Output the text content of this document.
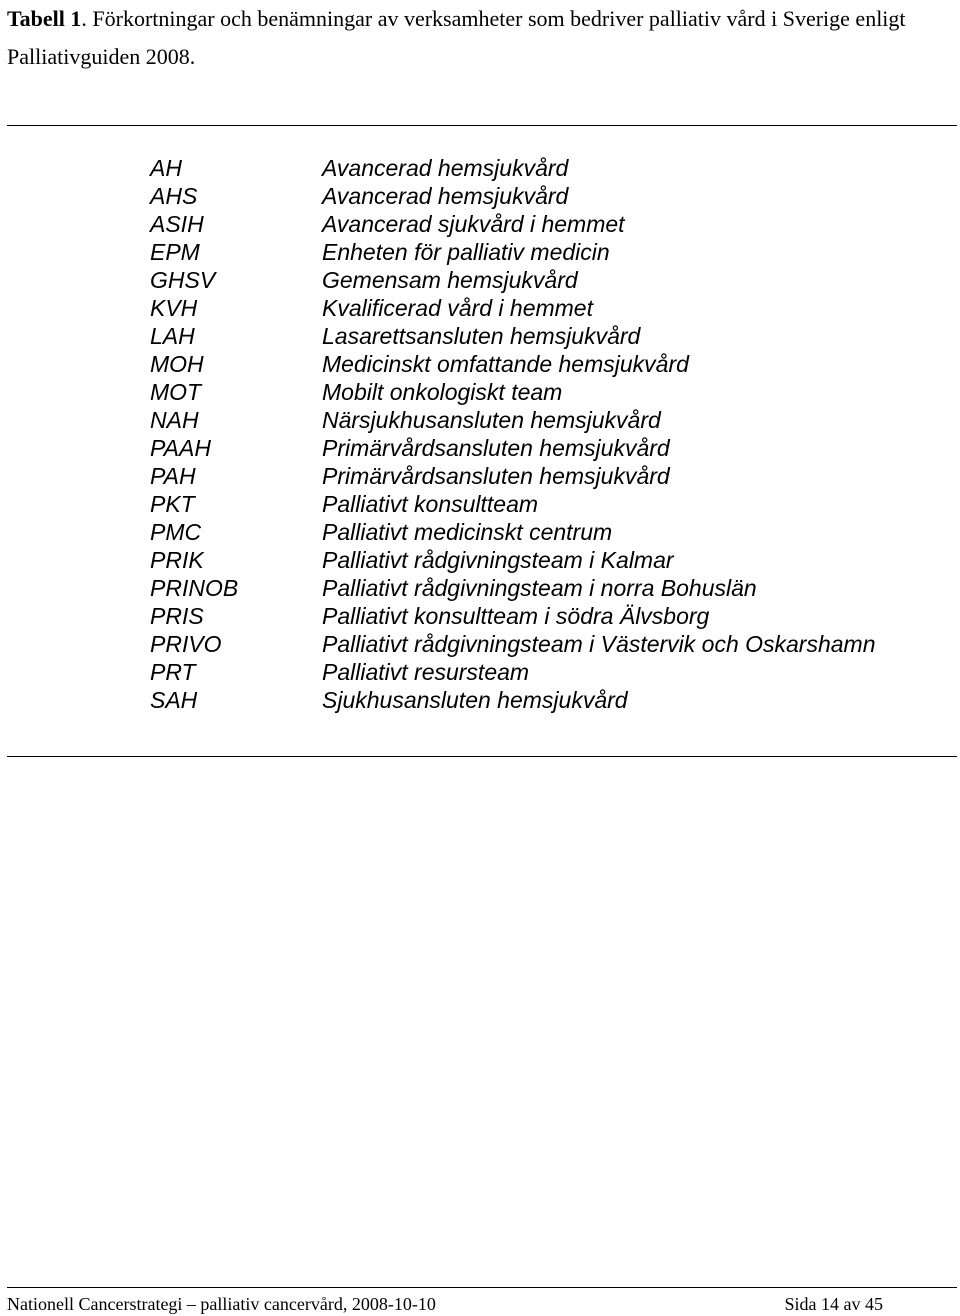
Tabell 1. Förkortningar och benämningar av verksamheter som bedriver palliativ vård i Sverige enligt Palliativguiden 2008.
AH	Avancerad hemsjukvård
AHS	Avancerad hemsjukvård
ASIH	Avancerad sjukvård i hemmet
EPM	Enheten för palliativ medicin
GHSV	Gemensam hemsjukvård
KVH	Kvalificerad vård i hemmet
LAH	Lasarettsansluten hemsjukvård
MOH	Medicinskt omfattande hemsjukvård
MOT	Mobilt onkologiskt team
NAH	Närsjukhusansluten hemsjukvård
PAAH	Primärvårdsansluten hemsjukvård
PAH	Primärvårdsansluten hemsjukvård
PKT	Palliativt konsultteam
PMC	Palliativt medicinskt centrum
PRIK	Palliativt rådgivningsteam i Kalmar
PRINOB	Palliativt rådgivningsteam i norra Bohuslän
PRIS	Palliativt konsultteam i södra Älvsborg
PRIVO	Palliativt rådgivningsteam i Västervik och Oskarshamn
PRT	Palliativt resursteam
SAH	Sjukhusansluten hemsjukvård
Nationell Cancerstrategi – palliativ cancervård, 2008-10-10	Sida 14 av 45
